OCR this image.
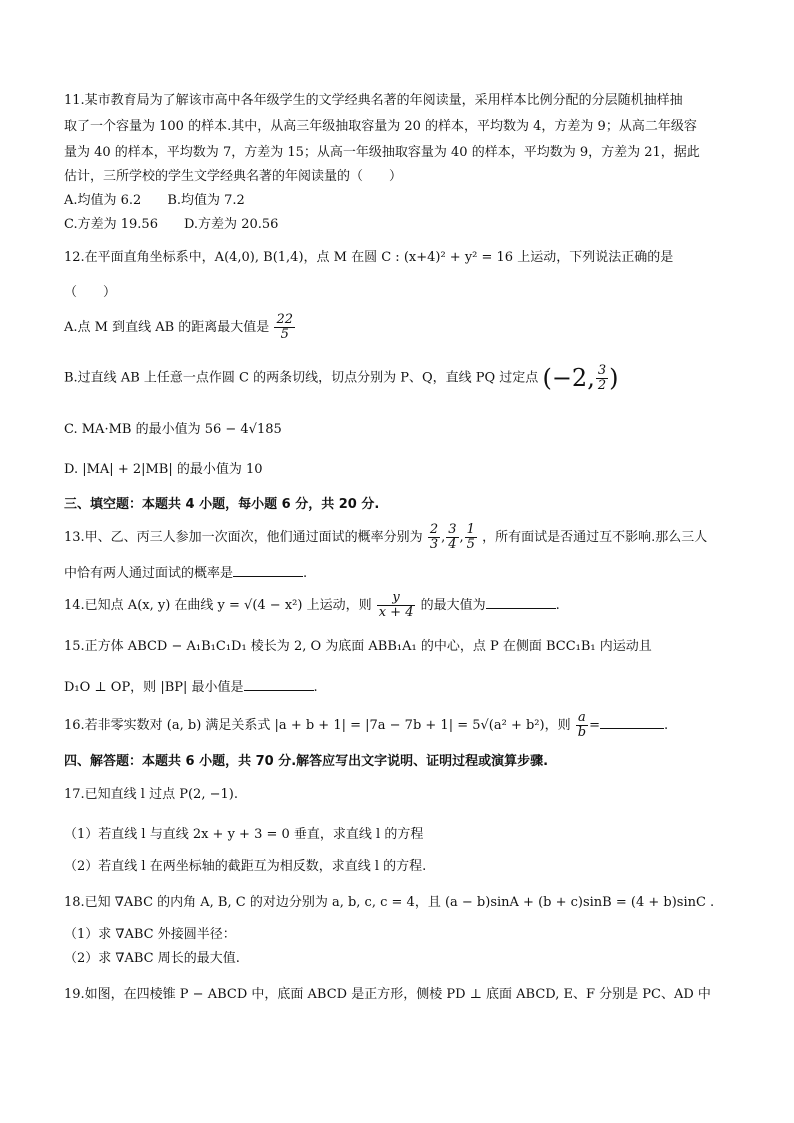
11.某市教育局为了解该市高中各年级学生的文学经典名著的年阅读量，采用样本比例分配的分层随机抽样抽
取了一个容量为 100 的样本.其中，从高三年级抽取容量为 20 的样本，平均数为 4，方差为 9；从高二年级容
量为 40 的样本，平均数为 7，方差为 15；从高一年级抽取容量为 40 的样本，平均数为 9，方差为 21，据此
估计，三所学校的学生文学经典名著的年阅读量的（　　）
A.均值为 6.2　　B.均值为 7.2
C.方差为 19.56　　D.方差为 20.56
12.在平面直角坐标系中，A(4,0), B(1,4)，点 M 在圆 C : (x+4)² + y² = 16 上运动，下列说法正确的是
（　　）
A.点 M 到直线 AB 的距离最大值是 $\frac{22}{5}$
B.过直线 AB 上任意一点作圆 C 的两条切线，切点分别为 P、Q，直线 PQ 过定点 (−2, $\frac{3}{2}$ )
C. MA·MB 的最小值为 56 − 4√185
D. |MA| + 2|MB| 的最小值为 10
三、填空题：本题共 4 小题，每小题 6 分，共 20 分.
13.甲、乙、丙三人参加一次面次，他们通过面试的概率分别为 $\frac{2}{3}$ , $\frac{3}{4}$ , $\frac{1}{5}$ ，所有面试是否通过互不影响.那么三人
中恰有两人通过面试的概率是	.
14.已知点 A(x, y) 在曲线 y = √(4 − x²) 上运动，则 $\frac{y}{x + 4}$ 的最大值为	.
15.正方体 ABCD − A₁B₁C₁D₁ 棱长为 2, O 为底面 ABB₁A₁ 的中心，点 P 在侧面 BCC₁B₁ 内运动且
D₁O ⊥ OP，则 |BP| 最小值是	.
16.若非零实数对 (a, b) 满足关系式 |a + b + 1| = |7a − 7b + 1| = 5√(a² + b²)，则 $\frac{a}{b}$ =	.
四、解答题：本题共 6 小题，共 70 分.解答应写出文字说明、证明过程或演算步骤.
17.已知直线 l 过点 P(2, −1).
（1）若直线 l 与直线 2x + y + 3 = 0 垂直，求直线 l 的方程
（2）若直线 l 在两坐标轴的截距互为相反数，求直线 l 的方程.
18.已知 ∇ABC 的内角 A, B, C 的对边分别为 a, b, c, c = 4，且 (a − b)sinA + (b + c)sinB = (4 + b)sinC .
（1）求 ∇ABC 外接圆半径：
（2）求 ∇ABC 周长的最大值.
19.如图，在四棱锥 P − ABCD 中，底面 ABCD 是正方形，侧棱 PD ⊥ 底面 ABCD, E、F 分别是 PC、AD 中
